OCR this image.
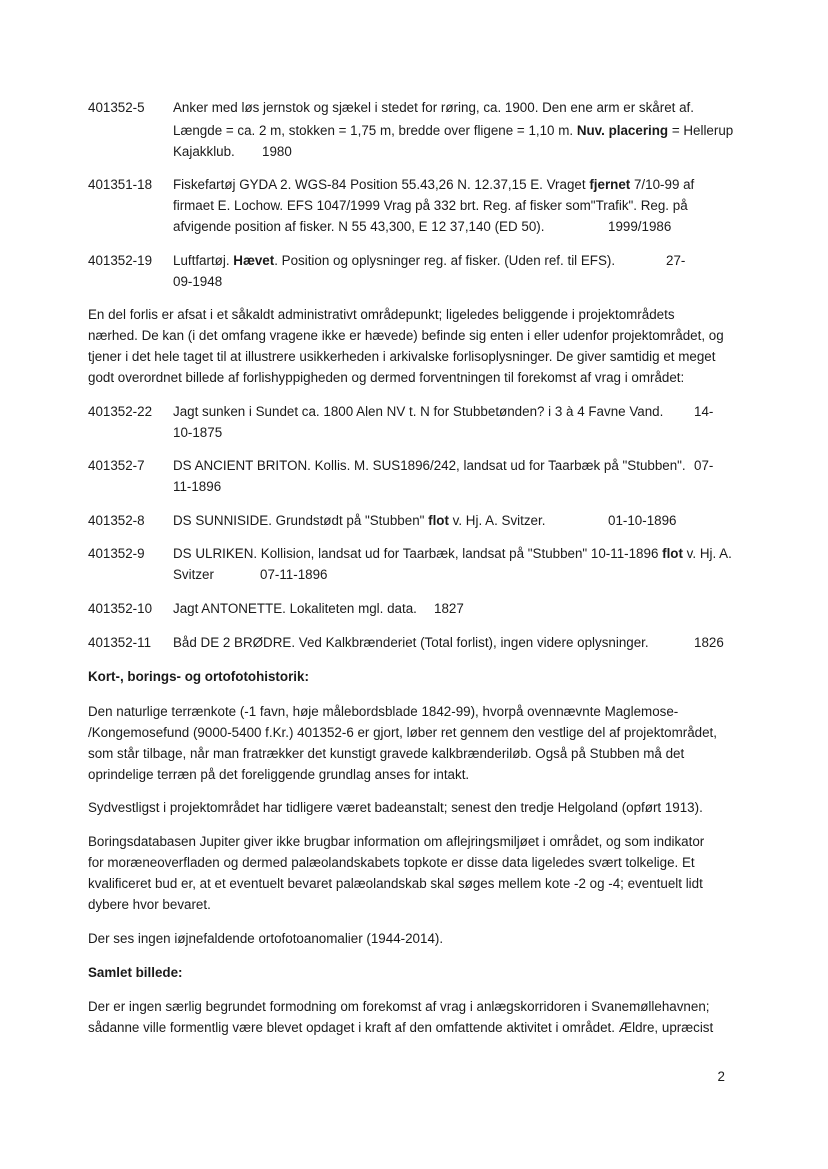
401352-5 Anker med løs jernstok og sjækel i stedet for røring, ca. 1900. Den ene arm er skåret af.
Længde = ca. 2 m, stokken = 1,75 m, bredde over fligene = 1,10 m. Nuv. placering = Hellerup
Kajakklub. 1980
401351-18 Fiskefartøj GYDA 2. WGS-84 Position 55.43,26 N. 12.37,15 E. Vraget fjernet 7/10-99 af
firmaet E. Lochow. EFS 1047/1999 Vrag på 332 brt. Reg. af fisker som"Trafik". Reg. på
afvigende position af fisker. N 55 43,300, E 12 37,140 (ED 50).	1999/1986
401352-19 Luftfartøj. Hævet. Position og oplysninger reg. af fisker. (Uden ref. til EFS).	27-
09-1948
En del forlis er afsat i et såkaldt administrativt områdepunkt; ligeledes beliggende i projektområdets
nærhed. De kan (i det omfang vragene ikke er hævede) befinde sig enten i eller udenfor projektområdet, og
tjener i det hele taget til at illustrere usikkerheden i arkivalske forlisoplysninger. De giver samtidig et meget
godt overordnet billede af forlishyppigheden og dermed forventningen til forekomst af vrag i området:
401352-22 Jagt sunken i Sundet ca. 1800 Alen NV t. N for Stubbetønden? i 3 à 4 Favne Vand. 14-
10-1875
401352-7 DS ANCIENT BRITON. Kollis. M. SUS1896/242, landsat ud for Taarbæk på "Stubben". 07-
11-1896
401352-8 DS SUNNISIDE. Grundstødt på "Stubben" flot v. Hj. A. Svitzer.	01-10-1896
401352-9 DS ULRIKEN. Kollision, landsat ud for Taarbæk, landsat på "Stubben" 10-11-1896 flot v. Hj. A.
Svitzer	07-11-1896
401352-10 Jagt ANTONETTE. Lokaliteten mgl. data. 1827
401352-11 Båd DE 2 BRØDRE. Ved Kalkbrænderiet (Total forlist), ingen videre oplysninger.	1826
Kort-, borings- og ortofotohistorik:
Den naturlige terrænkote (-1 favn, høje målebordsblade 1842-99), hvorpå ovennævnte Maglemose-
/Kongemosefund (9000-5400 f.Kr.) 401352-6 er gjort, løber ret gennem den vestlige del af projektområdet,
som står tilbage, når man fratrækker det kunstigt gravede kalkbrænderiløb. Også på Stubben må det
oprindelige terræn på det foreliggende grundlag anses for intakt.
Sydvestligst i projektområdet har tidligere været badeanstalt; senest den tredje Helgoland (opført 1913).
Boringsdatabasen Jupiter giver ikke brugbar information om aflejringsmiljøet i området, og som indikator
for moræneoverfladen og dermed palæolandskabets topkote er disse data ligeledes svært tolkelige. Et
kvalificeret bud er, at et eventuelt bevaret palæolandskab skal søges mellem kote -2 og -4; eventuelt lidt
dybere hvor bevaret.
Der ses ingen iøjnefaldende ortofotoanomalier (1944-2014).
Samlet billede:
Der er ingen særlig begrundet formodning om forekomst af vrag i anlægskorridoren i Svanemøllehavnen;
sådanne ville formentlig være blevet opdaget i kraft af den omfattende aktivitet i området. Ældre, upræcist
2
